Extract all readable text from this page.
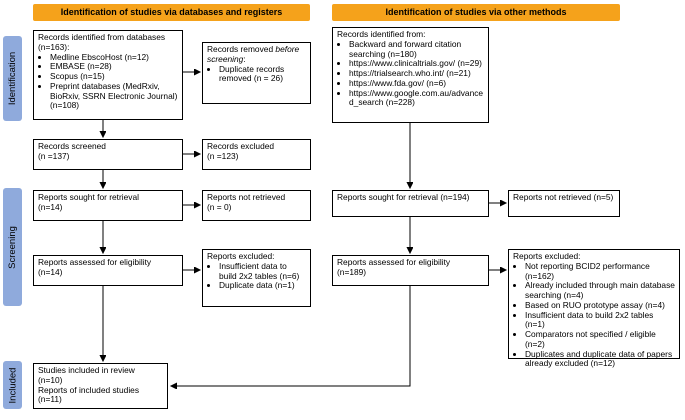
Identification of studies via databases and registers	Identification of studies via other methods
Identification
Screening
Included
Records identified from databases (n=163):
• Medline EbscoHost (n=12)
• EMBASE (n=28)
• Scopus (n=15)
• Preprint databases (MedRxiv, BioRxiv, SSRN Electronic Journal) (n=108)
Records removed before screening:
• Duplicate records removed (n = 26)
Records screened
(n =137)
Records excluded
(n =123)
Reports sought for retrieval
(n=14)
Reports not retrieved
(n = 0)
Reports assessed for eligibility
(n=14)
Reports excluded:
• Insufficient data to build 2x2 tables (n=6)
• Duplicate data (n=1)
Studies included in review
(n=10)
Reports of included studies
(n=11)
Records identified from:
• Backward and forward citation searching (n=180)
• https://www.clinicaltrials.gov/ (n=29)
• https://trialsearch.who.int/ (n=21)
• https://www.fda.gov/ (n=6)
• https://www.google.com.au/advanced_search (n=228)
Reports sought for retrieval (n=194)	Reports not retrieved (n=5)
Reports assessed for eligibility
(n=189)
Reports excluded:
• Not reporting BCID2 performance (n=162)
• Already included through main database searching (n=4)
• Based on RUO prototype assay (n=4)
• Insufficient data to build 2x2 tables (n=1)
• Comparators not specified / eligible (n=2)
• Duplicates and duplicate data of papers already excluded (n=12)
